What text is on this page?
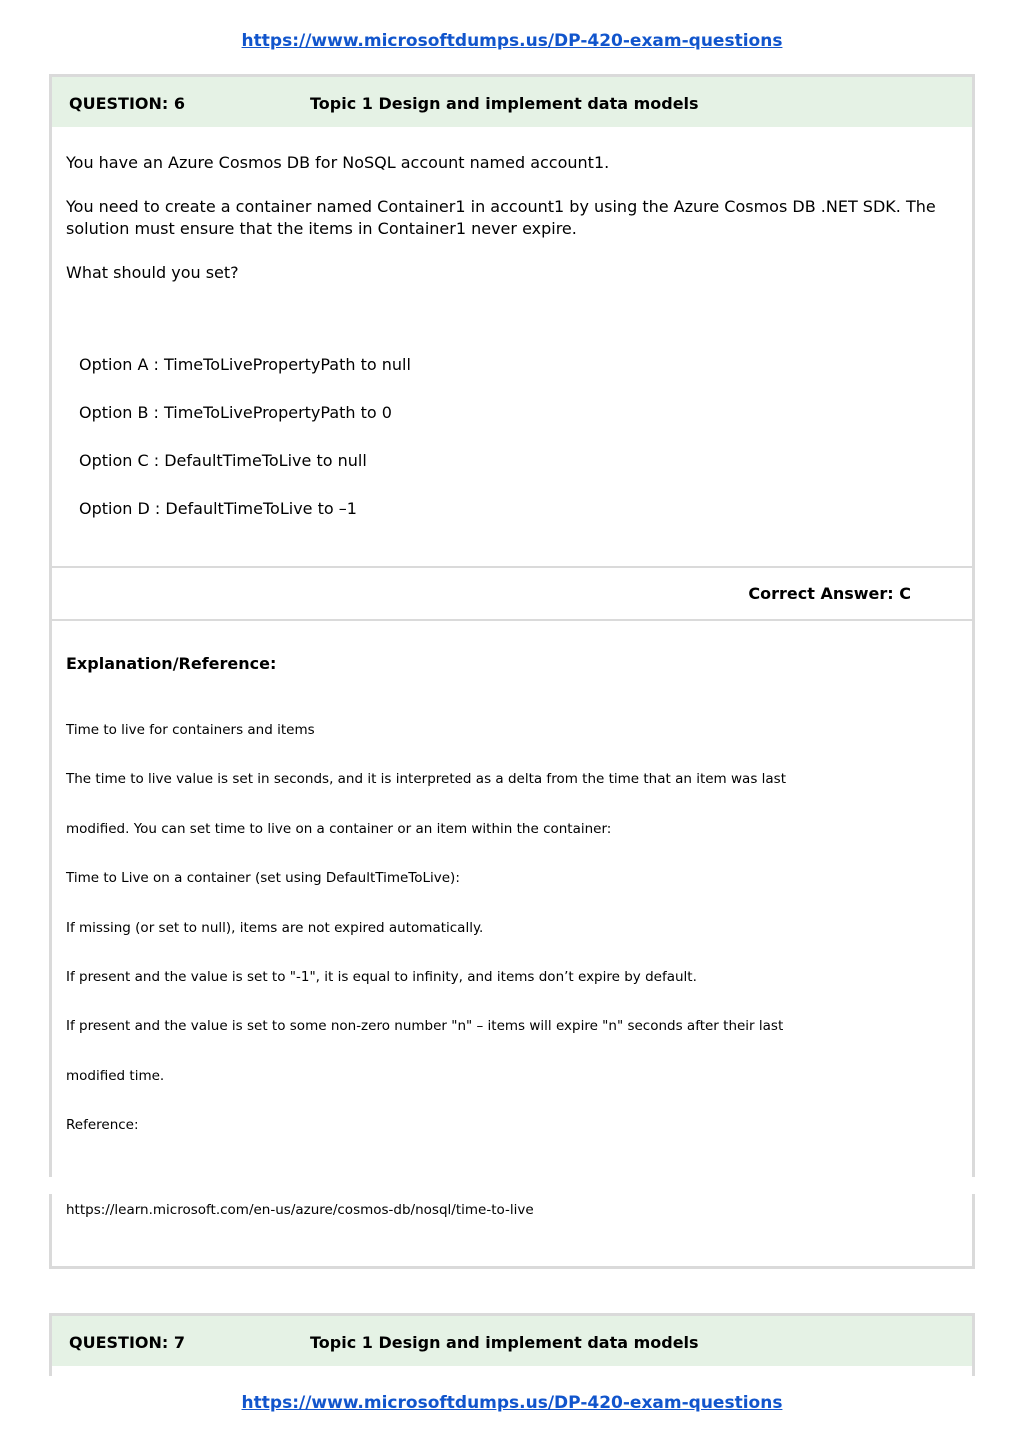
https://www.microsoftdumps.us/DP-420-exam-questions
QUESTION: 6	Topic 1 Design and implement data models

You have an Azure Cosmos DB for NoSQL account named account1.

You need to create a container named Container1 in account1 by using the Azure Cosmos DB .NET SDK. The

solution must ensure that the items in Container1 never expire.

What should you set?

Option A : TimeToLivePropertyPath to null
Option B : TimeToLivePropertyPath to 0
Option C : DefaultTimeToLive to null
Option D : DefaultTimeToLive to –1
Correct Answer: C
Explanation/Reference:

Time to live for containers and items

The time to live value is set in seconds, and it is interpreted as a delta from the time that an item was last

modified. You can set time to live on a container or an item within the container:

Time to Live on a container (set using DefaultTimeToLive):

If missing (or set to null), items are not expired automatically.

If present and the value is set to "-1", it is equal to infinity, and items don’t expire by default.

If present and the value is set to some non-zero number "n" – items will expire "n" seconds after their last

modified time.

Reference:

https://learn.microsoft.com/en-us/azure/cosmos-db/nosql/time-to-live
QUESTION: 7	Topic 1 Design and implement data models
https://www.microsoftdumps.us/DP-420-exam-questions
